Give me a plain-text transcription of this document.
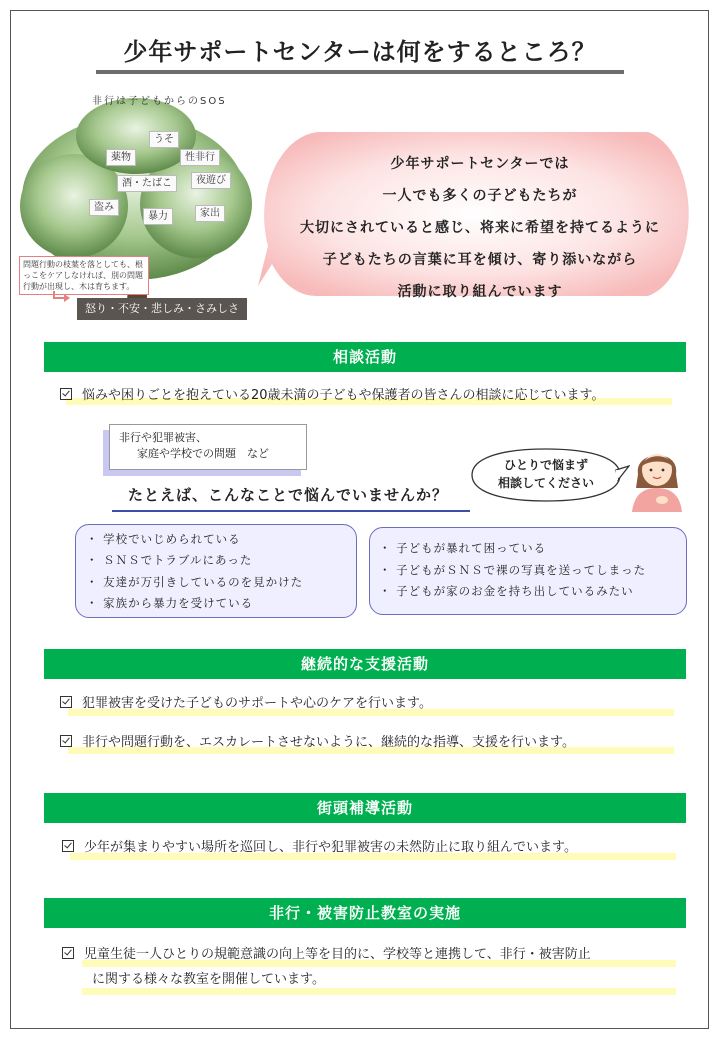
少年サポートセンターは何をするところ？
非行は子どもからのSOS
うそ
薬物	性非行
酒・たばこ	夜遊び
盗み
暴力	家出
問題行動の枝葉を落としても、根っこをケアしなければ、別の問題行動が出現し、木は育ちます。
怒り・不安・悲しみ・さみしさ
少年サポートセンターでは
一人でも多くの子どもたちが
大切にされていると感じ、将来に希望を持てるように
子どもたちの言葉に耳を傾け、寄り添いながら
活動に取り組んでいます
相談活動
悩みや困りごとを抱えている20歳未満の子どもや保護者の皆さんの相談に応じています。
非行や犯罪被害、
家庭や学校での問題　など
たとえば、こんなことで悩んでいませんか？
ひとりで悩まず
相談してください
・ 学校でいじめられている
・ ＳＮＳでトラブルにあった
・ 友達が万引きしているのを見かけた
・ 家族から暴力を受けている
・ 子どもが暴れて困っている
・ 子どもがＳＮＳで裸の写真を送ってしまった
・ 子どもが家のお金を持ち出しているみたい
継続的な支援活動
犯罪被害を受けた子どものサポートや心のケアを行います。
非行や問題行動を、エスカレートさせないように、継続的な指導、支援を行います。
街頭補導活動
少年が集まりやすい場所を巡回し、非行や犯罪被害の未然防止に取り組んでいます。
非行・被害防止教室の実施
児童生徒一人ひとりの規範意識の向上等を目的に、学校等と連携して、非行・被害防止
に関する様々な教室を開催しています。
